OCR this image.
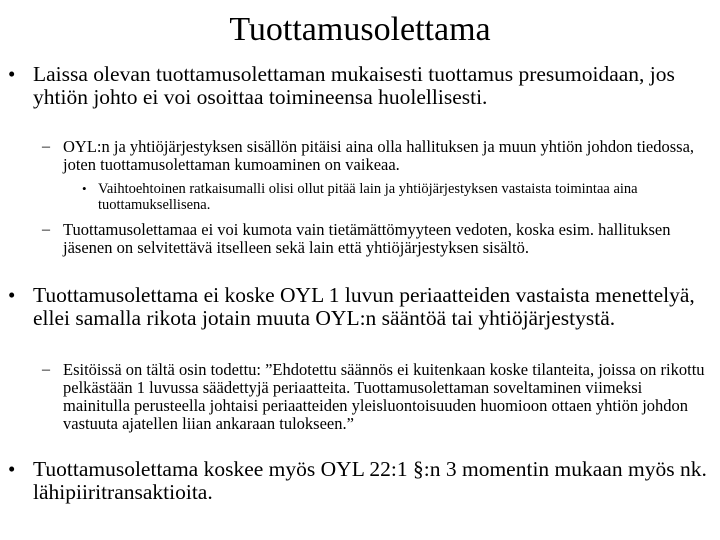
Tuottamusolettama
• Laissa olevan tuottamusolettaman mukaisesti tuottamus presumoidaan, jos yhtiön johto ei voi osoittaa toimineensa huolellisesti.
– OYL:n ja yhtiöjärjestyksen sisällön pitäisi aina olla hallituksen ja muun yhtiön johdon tiedossa, joten tuottamusolettaman kumoaminen on vaikeaa.
• Vaihtoehtoinen ratkaisumalli olisi ollut pitää lain ja yhtiöjärjestyksen vastaista toimintaa aina tuottamuksellisena.
– Tuottamusolettamaa ei voi kumota vain tietämättömyyteen vedoten, koska esim. hallituksen jäsenen on selvitettävä itselleen sekä lain että yhtiöjärjestyksen sisältö.
• Tuottamusolettama ei koske OYL 1 luvun periaatteiden vastaista menettelyä, ellei samalla rikota jotain muuta OYL:n sääntöä tai yhtiöjärjestystä.
– Esitöissä on tältä osin todettu: ”Ehdotettu säännös ei kuitenkaan koske tilanteita, joissa on rikottu pelkästään 1 luvussa säädettyjä periaatteita. Tuottamusolettaman soveltaminen viimeksi mainitulla perusteella johtaisi periaatteiden yleisluontoisuuden huomioon ottaen yhtiön johdon vastuuta ajatellen liian ankaraan tulokseen.”
• Tuottamusolettama koskee myös OYL 22:1 §:n 3 momentin mukaan myös nk. lähipiiritransaktioita.
